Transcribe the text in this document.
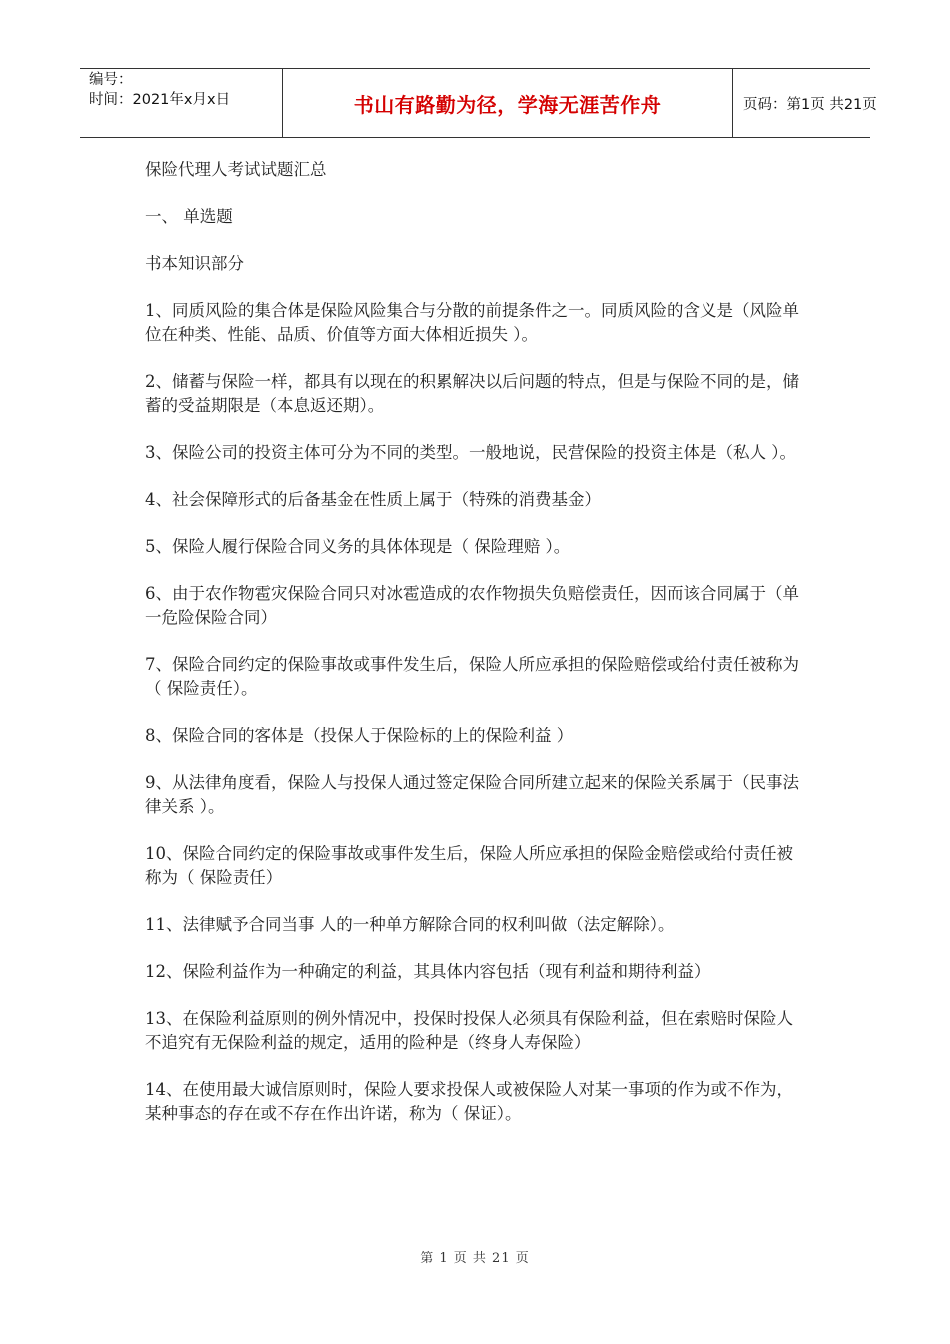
编号：
时间：2021年x月x日	书山有路勤为径，学海无涯苦作舟	页码：第1页 共21页

保险代理人考试试题汇总

一、 单选题

书本知识部分

1、同质风险的集合体是保险风险集合与分散的前提条件之一。同质风险的含义是（风险单位在种类、性能、品质、价值等方面大体相近损失 ）。

2、储蓄与保险一样，都具有以现在的积累解决以后问题的特点，但是与保险不同的是，储蓄的受益期限是（本息返还期）。

3、保险公司的投资主体可分为不同的类型。一般地说，民营保险的投资主体是（私人 ）。

4、社会保障形式的后备基金在性质上属于（特殊的消费基金）

5、保险人履行保险合同义务的具体体现是（ 保险理赔 ）。

6、由于农作物雹灾保险合同只对冰雹造成的农作物损失负赔偿责任，因而该合同属于（单一危险保险合同）

7、保险合同约定的保险事故或事件发生后，保险人所应承担的保险赔偿或给付责任被称为（ 保险责任）。

8、保险合同的客体是（投保人于保险标的上的保险利益 ）

9、从法律角度看，保险人与投保人通过签定保险合同所建立起来的保险关系属于（民事法律关系 ）。

10、保险合同约定的保险事故或事件发生后，保险人所应承担的保险金赔偿或给付责任被称为（ 保险责任）

11、法律赋予合同当事 人的一种单方解除合同的权利叫做（法定解除）。

12、保险利益作为一种确定的利益，其具体内容包括（现有利益和期待利益）

13、在保险利益原则的例外情况中，投保时投保人必须具有保险利益，但在索赔时保险人不追究有无保险利益的规定，适用的险种是（终身人寿保险）

14、在使用最大诚信原则时，保险人要求投保人或被保险人对某一事项的作为或不作为，某种事态的存在或不存在作出许诺，称为（ 保证）。

第 1 页 共 21 页
